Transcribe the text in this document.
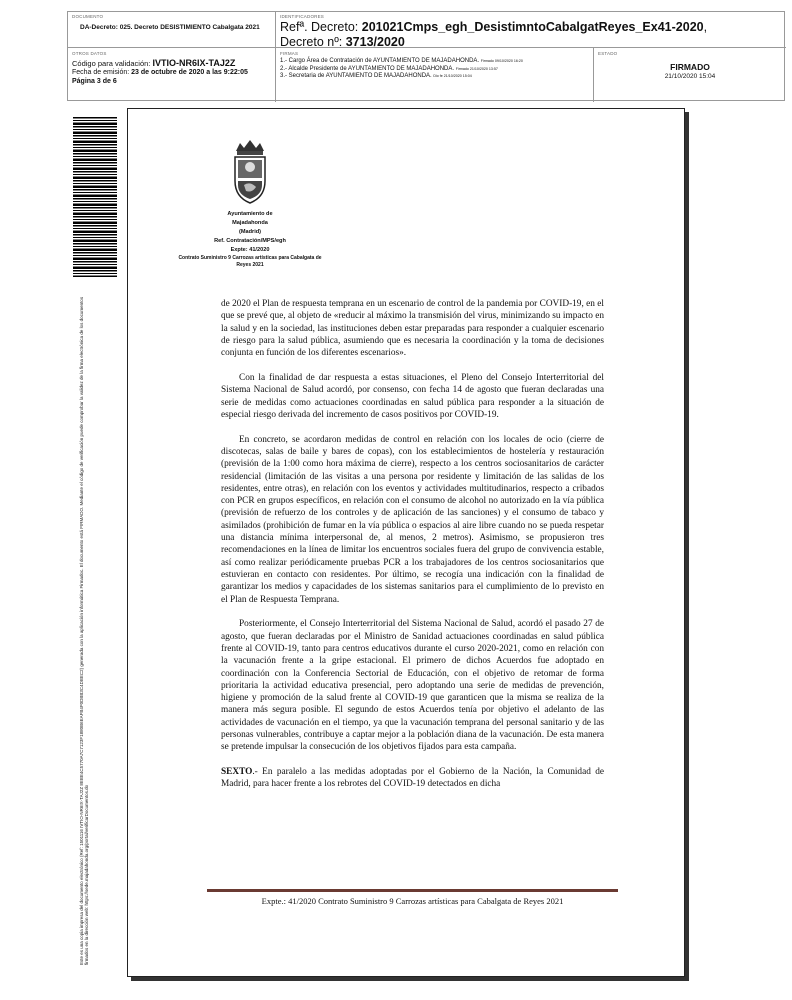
DOCUMENTO
DA-Decreto: 025. Decreto DESISTIMIENTO Cabalgata 2021
IDENTIFICADORES
Refª. Decreto: 201021Cmps_egh_DesistimntoCabalgatReyes_Ex41-2020,
Decreto nº: 3713/2020
OTROS DATOS
Código para validación: IVTIO-NR6IX-TAJ2Z
Fecha de emisión: 23 de octubre de 2020 a las 9:22:05
Página 3 de 6
FIRMAS
1.- Cargo Área de Contratación de AYUNTAMIENTO DE MAJADAHONDA. Firmado 09/10/2020 16:20
2.- Alcalde Presidente de AYUNTAMIENTO DE MAJADAHONDA. Firmado 21/10/2020 13:57
3.- Secretaria de AYUNTAMIENTO DE MAJADAHONDA. Dio fe 21/10/2020 15:04
ESTADO
FIRMADO
21/10/2020 15:04
Este es una copia impresa del documento electrónico (Ref: 1501116 IVTIO-NR6IX-TAJ2Z 8EBE4C5770A7C7123F1880B6EAFB4F0DBB3C4DBEC2) generada con la aplicación informática Firmadoc. El documento está FIRMADO. Mediante el código de verificación puede comprobar la validez de la firma electrónica de los documentos firmados en la dirección web: https://sede.majadahonda.org/portal/verificarDocumentos.do
Ayuntamiento de
Majadahonda
(Madrid)
Ref. Contratación/MPS/egh
Expte: 41/2020
Contrato Suministro 9 Carrozas artísticas para Cabalgata de Reyes 2021

de 2020 el Plan de respuesta temprana en un escenario de control de la pandemia por COVID-19, en el que se prevé que, al objeto de «reducir al máximo la transmisión del virus, minimizando su impacto en la salud y en la sociedad, las instituciones deben estar preparadas para responder a cualquier escenario de riesgo para la salud pública, asumiendo que es necesaria la coordinación y la toma de decisiones conjunta en función de los diferentes escenarios».

Con la finalidad de dar respuesta a estas situaciones, el Pleno del Consejo Interterritorial del Sistema Nacional de Salud acordó, por consenso, con fecha 14 de agosto que fueran declaradas una serie de medidas como actuaciones coordinadas en salud pública para responder a la situación de especial riesgo derivada del incremento de casos positivos por COVID-19.

En concreto, se acordaron medidas de control en relación con los locales de ocio (cierre de discotecas, salas de baile y bares de copas), con los establecimientos de hostelería y restauración (previsión de la 1:00 como hora máxima de cierre), respecto a los centros sociosanitarios de carácter residencial (limitación de las visitas a una persona por residente y limitación de las salidas de los residentes, entre otras), en relación con los eventos y actividades multitudinarios, respecto a cribados con PCR en grupos específicos, en relación con el consumo de alcohol no autorizado en la vía pública (previsión de refuerzo de los controles y de aplicación de las sanciones) y el consumo de tabaco y asimilados (prohibición de fumar en la vía pública o espacios al aire libre cuando no se pueda respetar una distancia mínima interpersonal de, al menos, 2 metros). Asimismo, se propusieron tres recomendaciones en la línea de limitar los encuentros sociales fuera del grupo de convivencia estable, así como realizar periódicamente pruebas PCR a los trabajadores de los centros sociosanitarios que estuvieran en contacto con residentes. Por último, se recogía una indicación con la finalidad de garantizar los medios y capacidades de los sistemas sanitarios para el cumplimiento de lo previsto en el Plan de Respuesta Temprana.

Posteriormente, el Consejo Interterritorial del Sistema Nacional de Salud, acordó el pasado 27 de agosto, que fueran declaradas por el Ministro de Sanidad actuaciones coordinadas en salud pública frente al COVID-19, tanto para centros educativos durante el curso 2020-2021, como en relación con la vacunación frente a la gripe estacional. El primero de dichos Acuerdos fue adoptado en coordinación con la Conferencia Sectorial de Educación, con el objetivo de retomar de forma prioritaria la actividad educativa presencial, pero adoptando una serie de medidas de prevención, higiene y promoción de la salud frente al COVID-19 que garanticen que la misma se realiza de la manera más segura posible. El segundo de estos Acuerdos tenía por objetivo el adelanto de las actividades de vacunación en el tiempo, ya que la vacunación temprana del personal sanitario y de las personas vulnerables, contribuye a captar mejor a la población diana de la vacunación. De esta manera se pretende impulsar la consecución de los objetivos fijados para esta campaña.

SEXTO.- En paralelo a las medidas adoptadas por el Gobierno de la Nación, la Comunidad de Madrid, para hacer frente a los rebrotes del COVID-19 detectados en dicha

Expte.: 41/2020 Contrato Suministro 9 Carrozas artísticas para Cabalgata de Reyes 2021
